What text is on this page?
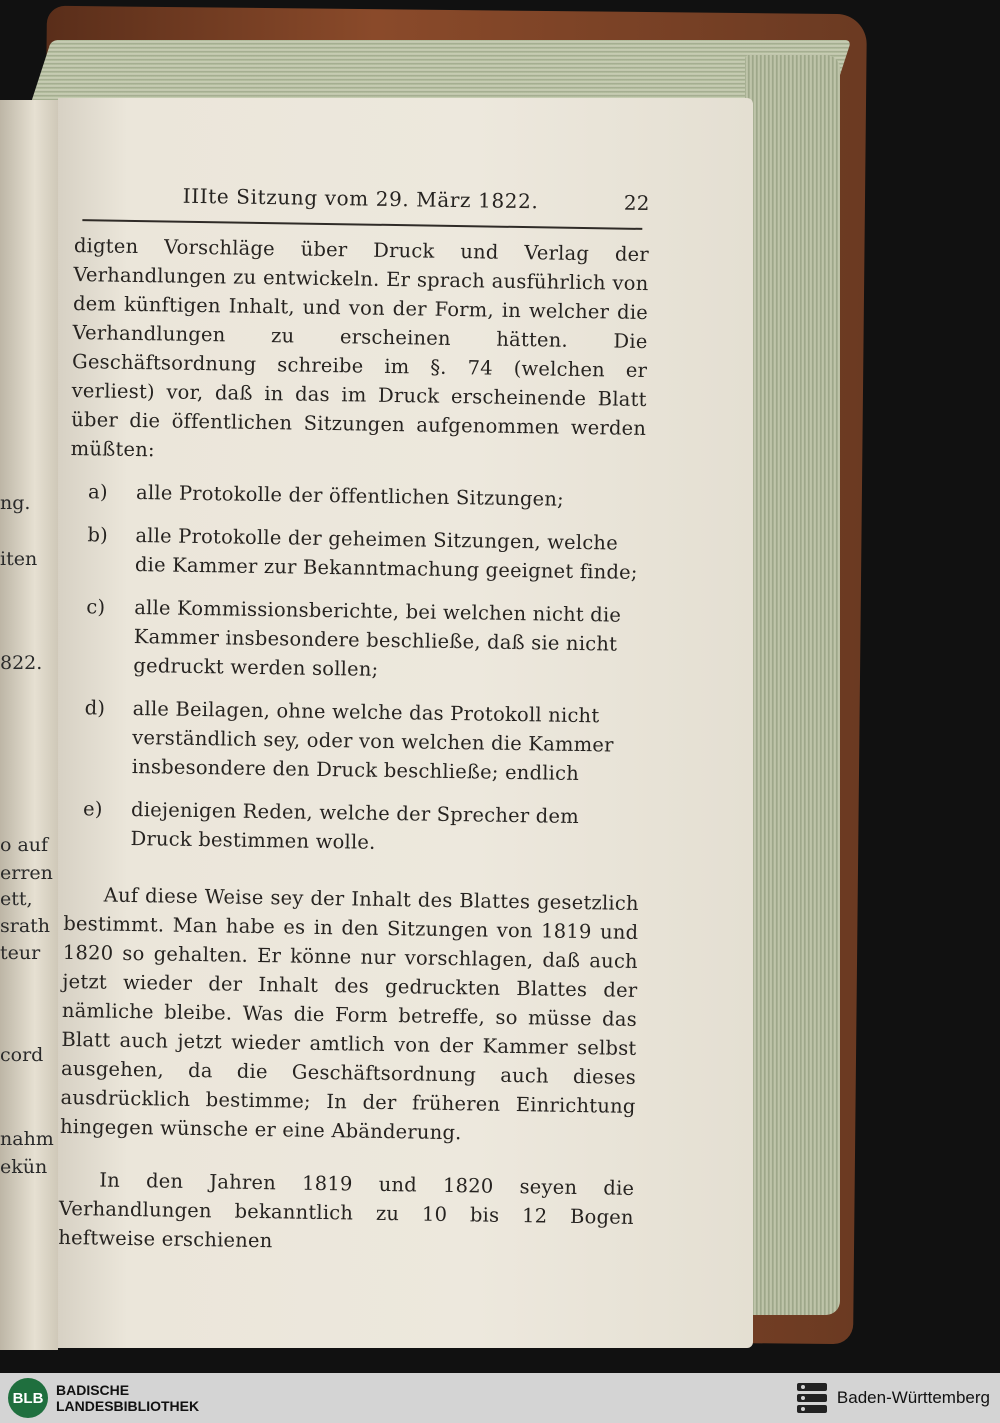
ng.
iten
822.
o auf
erren
ett,
srath
teur
cord
nahm
ekün
IIIte Sitzung vom 29. März 1822.	22

digten Vorschläge über Druck und Verlag der Verhandlungen zu entwickeln. Er sprach ausführlich von dem künftigen Inhalt, und von der Form, in welcher die Verhandlungen zu erscheinen hätten. Die Geschäftsordnung schreibe im §. 74 (welchen er verliest) vor, daß in das im Druck erscheinende Blatt über die öffentlichen Sitzungen aufgenommen werden müßten:

a) alle Protokolle der öffentlichen Sitzungen;
b) alle Protokolle der geheimen Sitzungen, welche die Kammer zur Bekanntmachung geeignet finde;
c) alle Kommissionsberichte, bei welchen nicht die Kammer insbesondere beschließe, daß sie nicht gedruckt werden sollen;
d) alle Beilagen, ohne welche das Protokoll nicht verständlich sey, oder von welchen die Kammer insbesondere den Druck beschließe; endlich
e) diejenigen Reden, welche der Sprecher dem Druck bestimmen wolle.

Auf diese Weise sey der Inhalt des Blattes gesetzlich bestimmt. Man habe es in den Sitzungen von 1819 und 1820 so gehalten. Er könne nur vorschlagen, daß auch jetzt wieder der Inhalt des gedruckten Blattes der nämliche bleibe. Was die Form betreffe, so müsse das Blatt auch jetzt wieder amtlich von der Kammer selbst ausgehen, da die Geschäftsordnung auch dieses ausdrücklich bestimme; In der früheren Einrichtung hingegen wünsche er eine Abänderung.

In den Jahren 1819 und 1820 seyen die Verhandlungen bekanntlich zu 10 bis 12 Bogen heftweise erschienen

BLB BADISCHE
LANDESBIBLIOTHEK	Baden-Württemberg
